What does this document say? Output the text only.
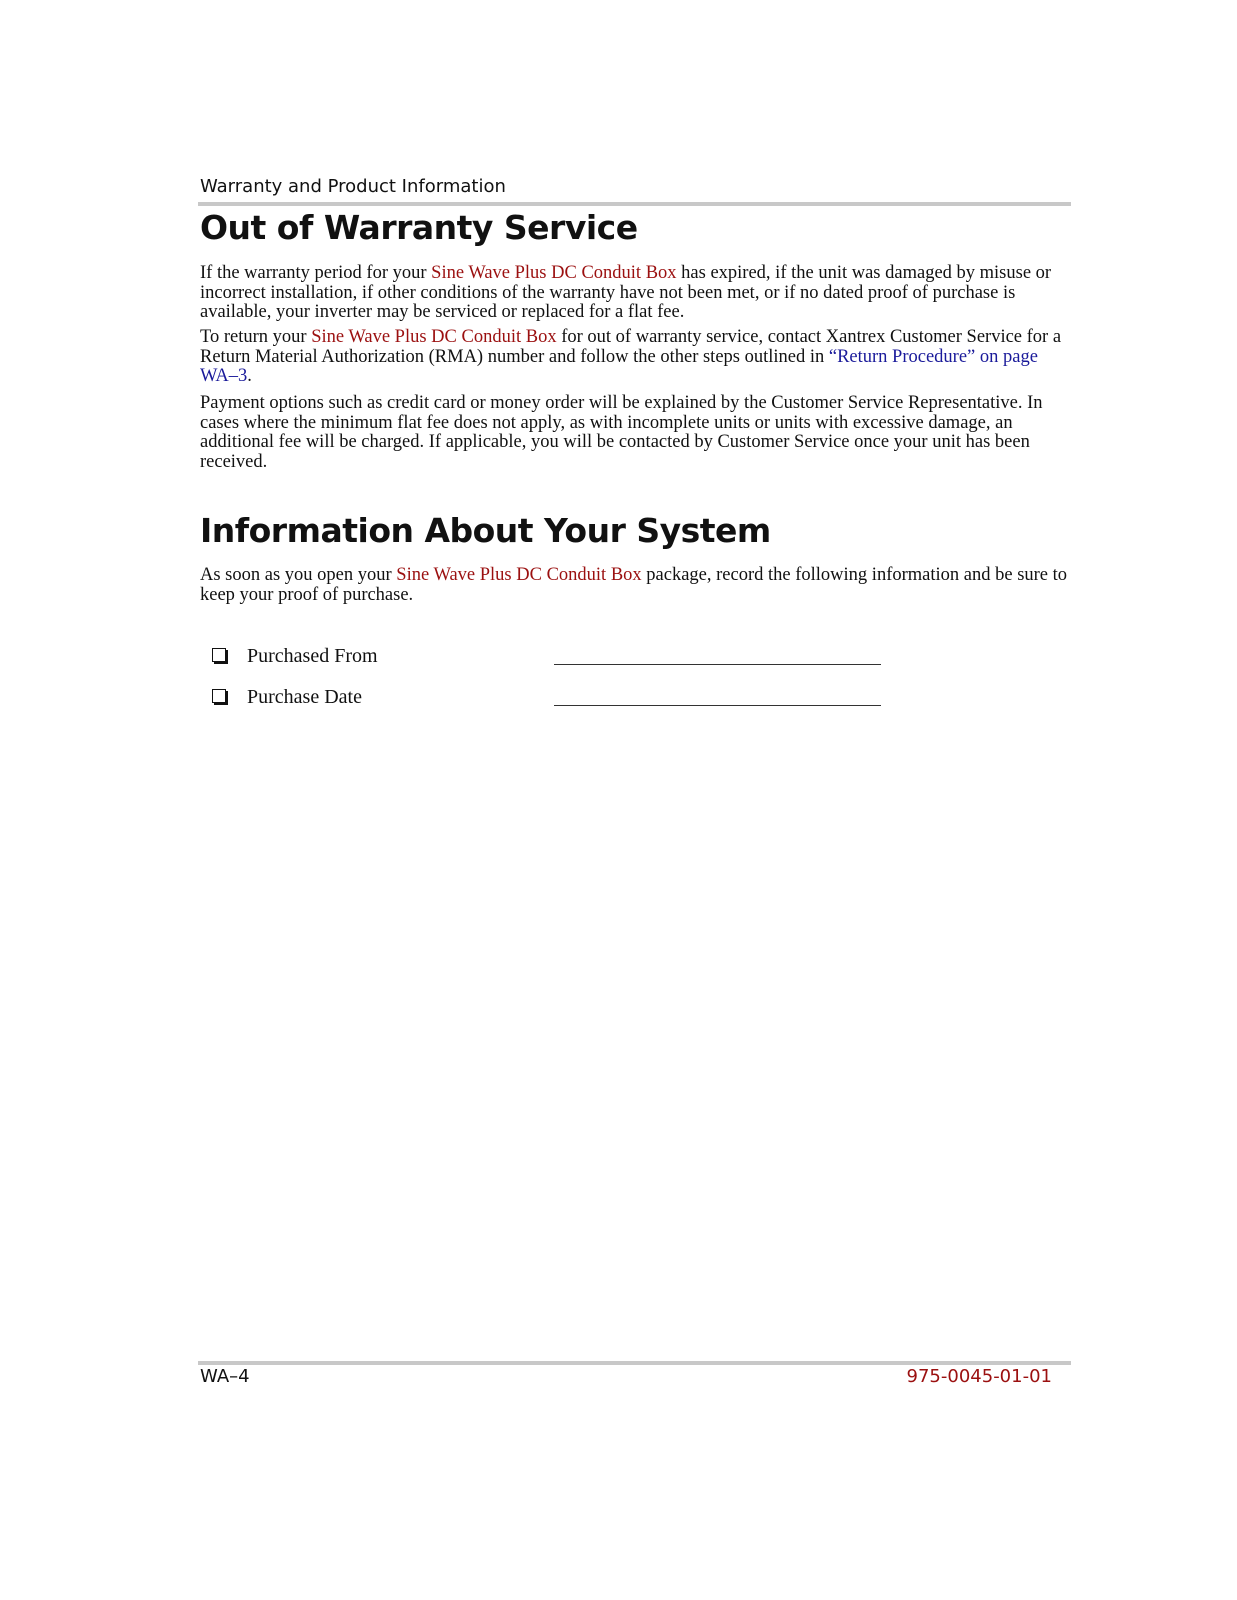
Warranty and Product Information
Out of Warranty Service

If the warranty period for your Sine Wave Plus DC Conduit Box has expired, if the unit was damaged by misuse or incorrect installation, if other conditions of the warranty have not been met, or if no dated proof of purchase is available, your inverter may be serviced or replaced for a flat fee.

To return your Sine Wave Plus DC Conduit Box for out of warranty service, contact Xantrex Customer Service for a Return Material Authorization (RMA) number and follow the other steps outlined in “Return Procedure” on page WA–3.

Payment options such as credit card or money order will be explained by the Customer Service Representative. In cases where the minimum flat fee does not apply, as with incomplete units or units with excessive damage, an additional fee will be charged. If applicable, you will be contacted by Customer Service once your unit has been received.

Information About Your System

As soon as you open your Sine Wave Plus DC Conduit Box package, record the following information and be sure to keep your proof of purchase.

Purchased From
Purchase Date
WA–4	975-0045-01-01
